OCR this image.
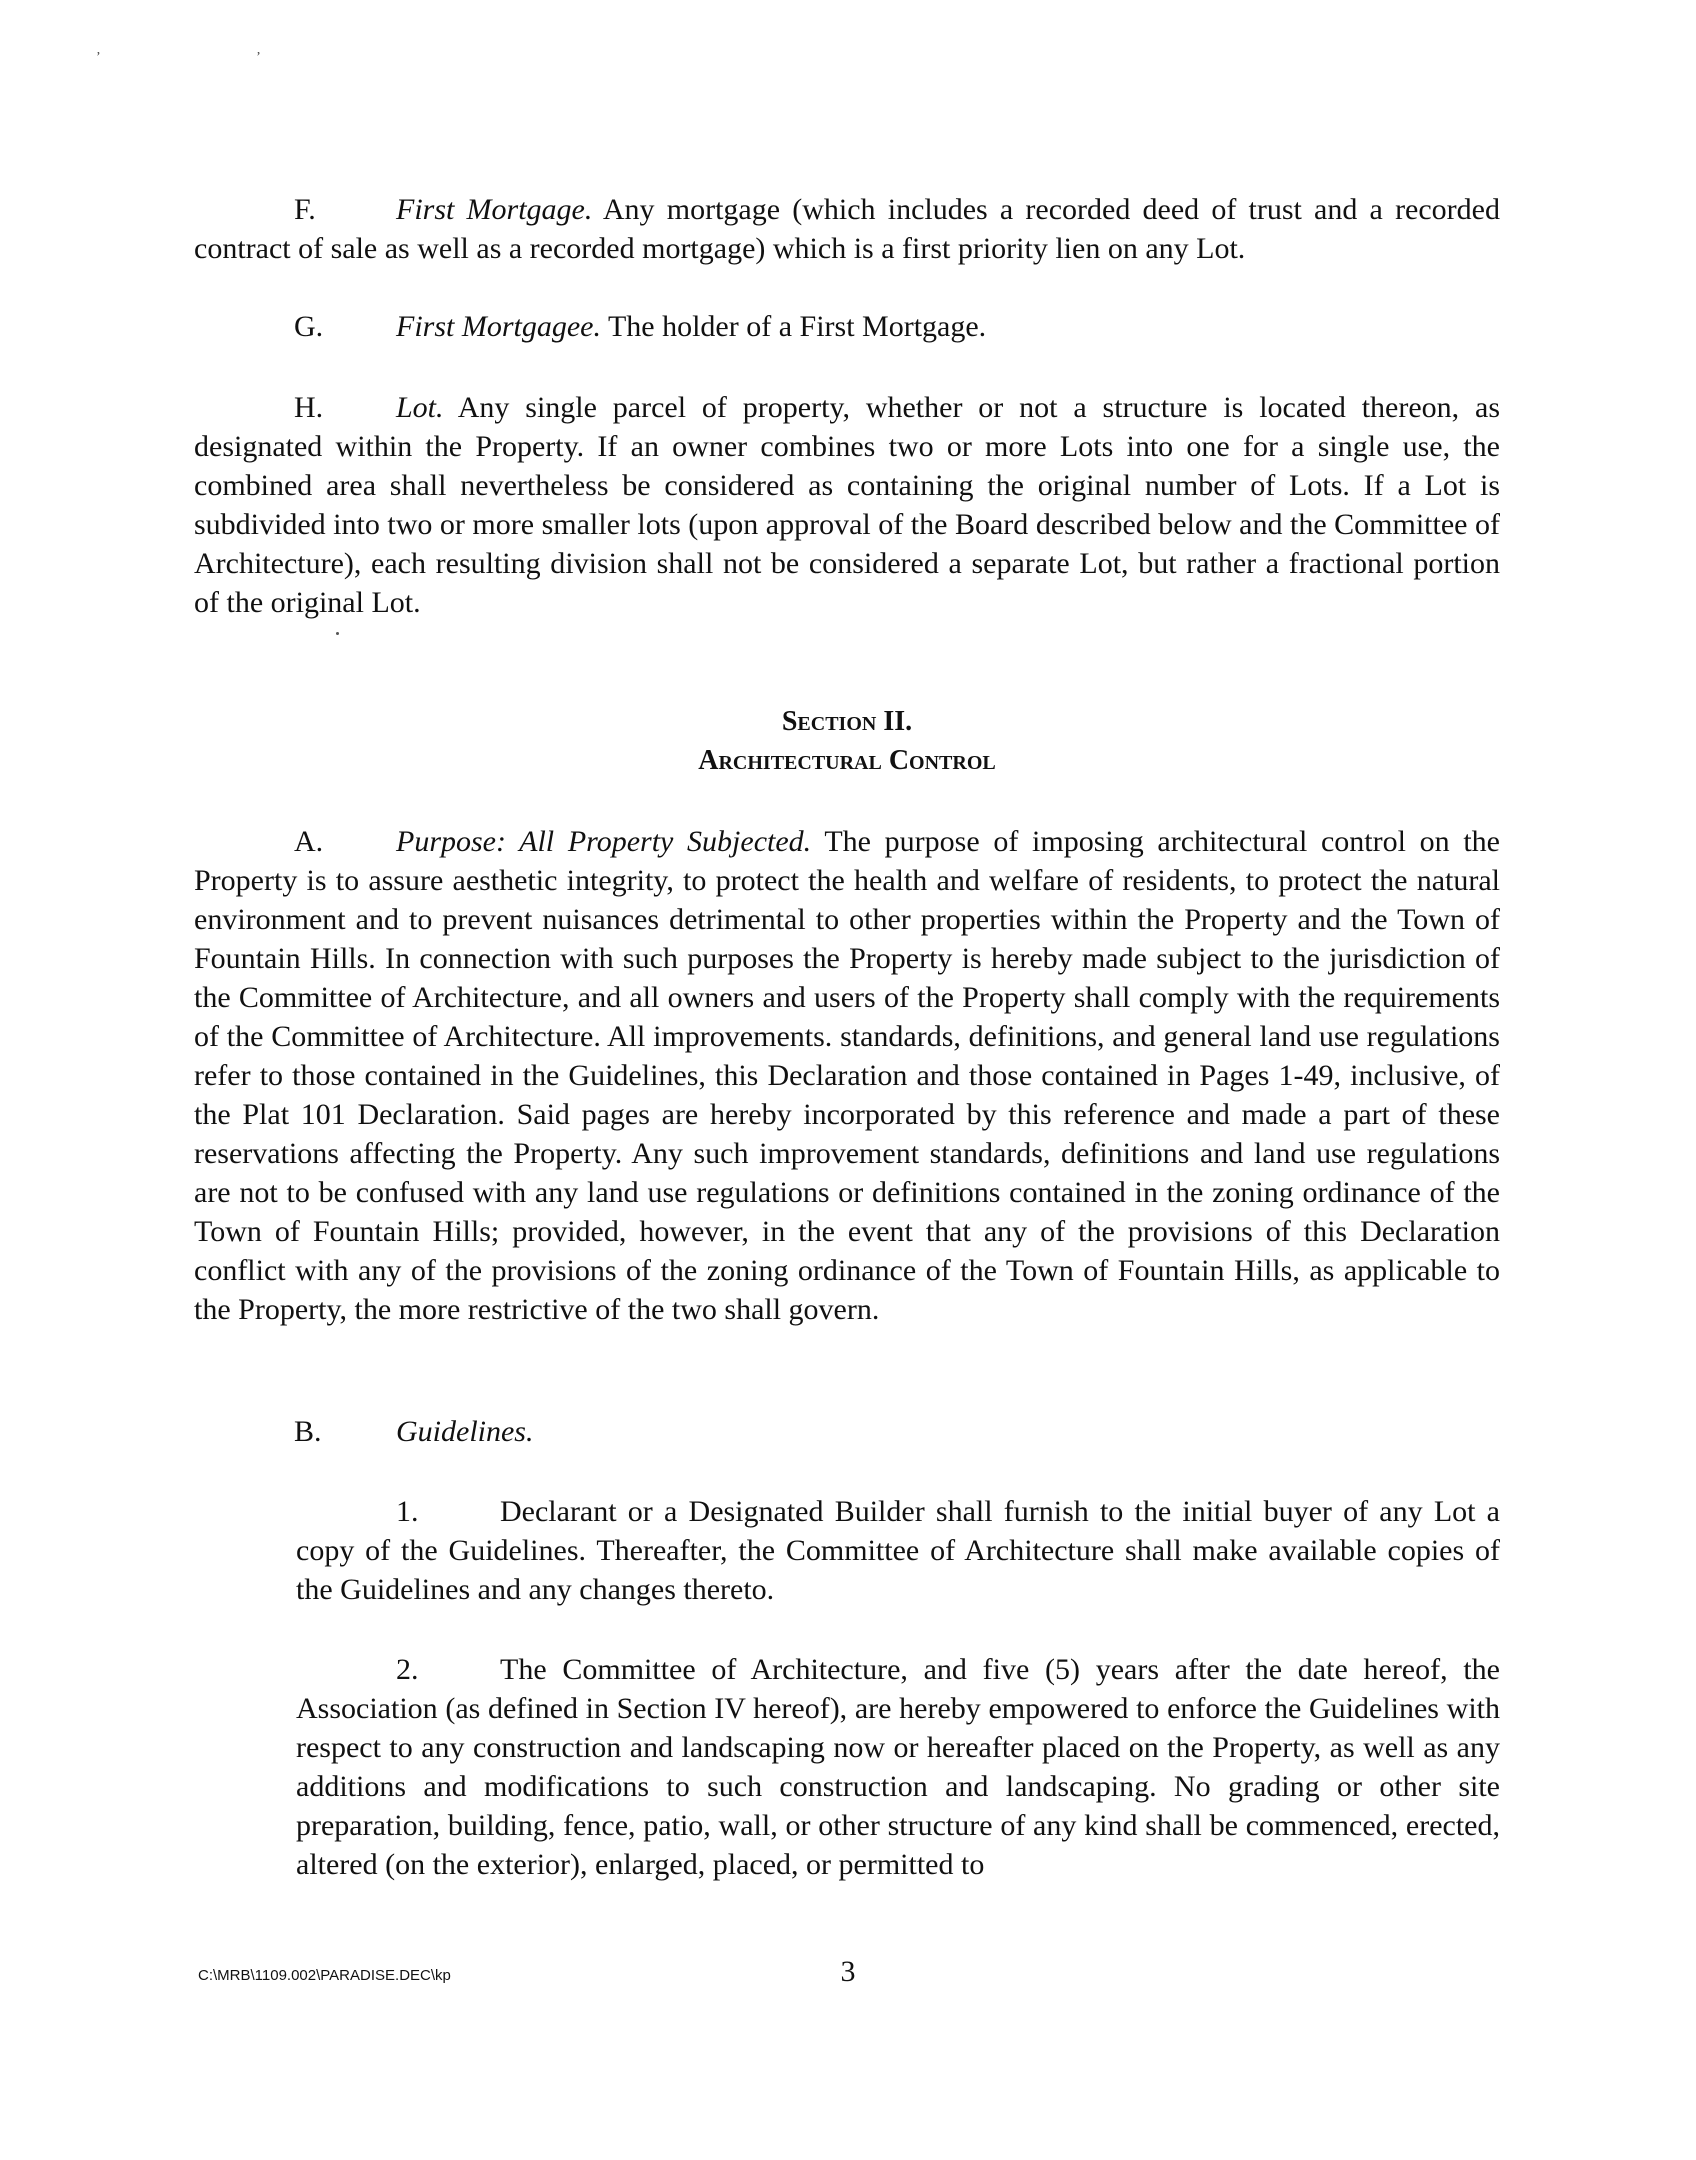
ʼ ʼ

F.	First Mortgage. Any mortgage (which includes a recorded deed of trust and a recorded contract of sale as well as a recorded mortgage) which is a first priority lien on any Lot.

G. First Mortgagee. The holder of a First Mortgage.

H. Lot. Any single parcel of property, whether or not a structure is located thereon, as designated within the Property. If an owner combines two or more Lots into one for a single use, the combined area shall nevertheless be considered as containing the original number of Lots. If a Lot is subdivided into two or more smaller lots (upon approval of the Board described below and the Committee of Architecture), each resulting division shall not be considered a separate Lot, but rather a fractional portion of the original Lot.

Section II.
Architectural Control

A. Purpose: All Property Subjected. The purpose of imposing architectural control on the Property is to assure aesthetic integrity, to protect the health and welfare of residents, to protect the natural environment and to prevent nuisances detrimental to other properties within the Property and the Town of Fountain Hills. In connection with such purposes the Property is hereby made subject to the jurisdiction of the Committee of Architecture, and all owners and users of the Property shall comply with the requirements of the Committee of Architecture. All improvements. standards, definitions, and general land use regulations refer to those contained in the Guidelines, this Declaration and those contained in Pages 1-49, inclusive, of the Plat 101 Declaration. Said pages are hereby incorporated by this reference and made a part of these reservations affecting the Property. Any such improvement standards, definitions and land use regulations are not to be confused with any land use regulations or definitions contained in the zoning ordinance of the Town of Fountain Hills; provided, however, in the event that any of the provisions of this Declaration conflict with any of the provisions of the zoning ordinance of the Town of Fountain Hills, as applicable to the Property, the more restrictive of the two shall govern.

B. Guidelines.

1.	Declarant or a Designated Builder shall furnish to the initial buyer of any Lot a copy of the Guidelines. Thereafter, the Committee of Architecture shall make available copies of the Guidelines and any changes thereto.

2.	The Committee of Architecture, and five (5) years after the date hereof, the Association (as defined in Section IV hereof), are hereby empowered to enforce the Guidelines with respect to any construction and landscaping now or hereafter placed on the Property, as well as any additions and modifications to such construction and landscaping. No grading or other site preparation, building, fence, patio, wall, or other structure of any kind shall be commenced, erected, altered (on the exterior), enlarged, placed, or permitted to

C:\MRB\1109.002\PARADISE.DEC\kp	3
